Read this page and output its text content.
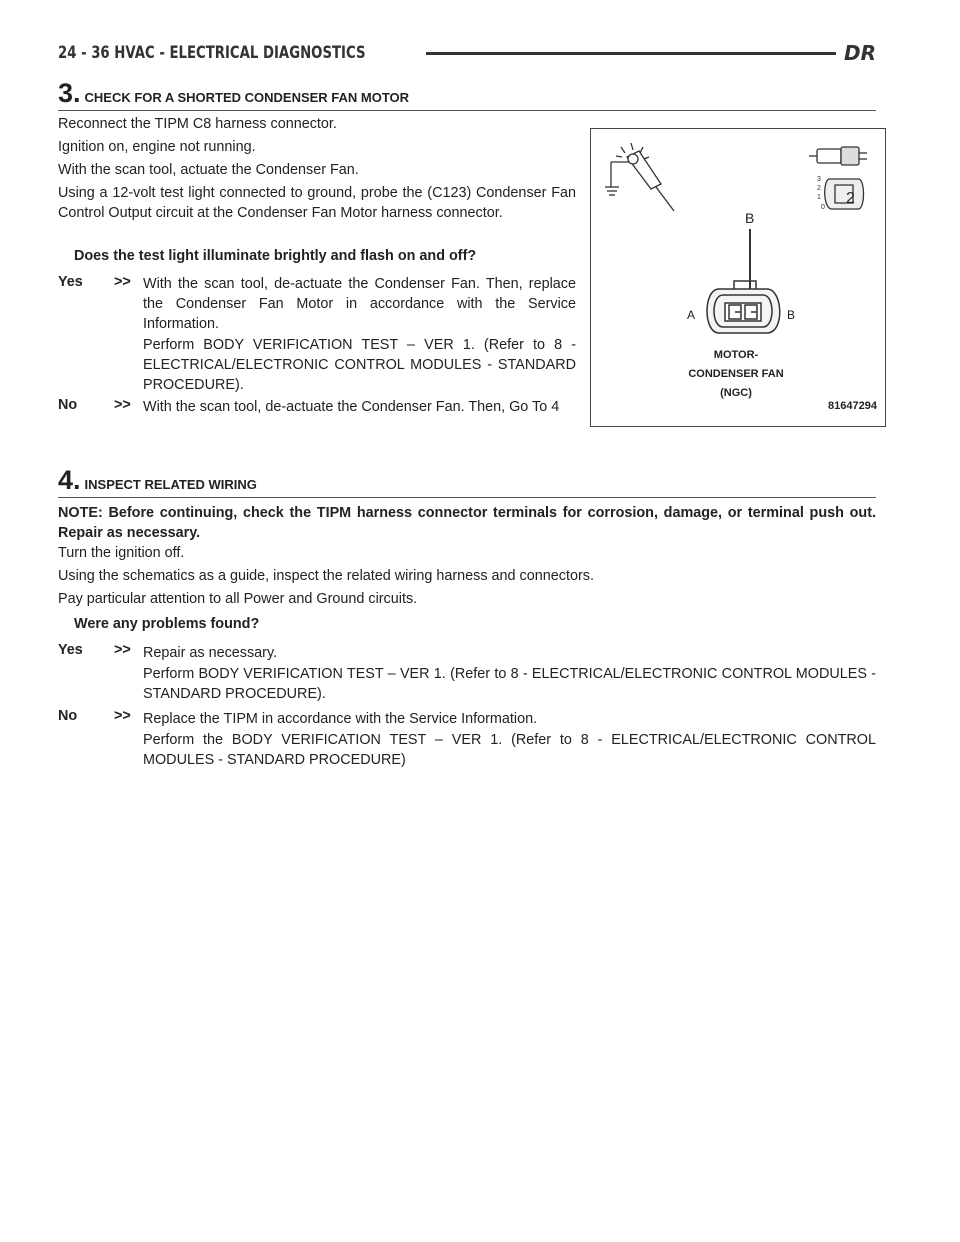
24 - 36 HVAC - ELECTRICAL DIAGNOSTICS	DR
3. CHECK FOR A SHORTED CONDENSER FAN MOTOR

Reconnect the TIPM C8 harness connector.

Ignition on, engine not running.

With the scan tool, actuate the Condenser Fan.

Using a 12-volt test light connected to ground, probe the (C123) Condenser Fan Control Output circuit at the Condenser Fan Motor harness connector.

Does the test light illuminate brightly and flash on and off?

Yes >> With the scan tool, de-actuate the Condenser Fan. Then, replace the Condenser Fan Motor in accordance with the Service Information.

Perform BODY VERIFICATION TEST – VER 1. (Refer to 8 - ELECTRICAL/ELECTRONIC CONTROL MODULES - STANDARD PROCEDURE).

No	>> With the scan tool, de-actuate the Condenser Fan. Then, Go To 4

3
2
1
0
2
B
A	B
MOTOR-
CONDENSER FAN
(NGC)
81647294
4. INSPECT RELATED WIRING

NOTE: Before continuing, check the TIPM harness connector terminals for corrosion, damage, or terminal push out. Repair as necessary.

Turn the ignition off.

Using the schematics as a guide, inspect the related wiring harness and connectors.

Pay particular attention to all Power and Ground circuits.

Were any problems found?

Yes >> Repair as necessary.

Perform BODY VERIFICATION TEST – VER 1. (Refer to 8 - ELECTRICAL/ELECTRONIC CONTROL MODULES - STANDARD PROCEDURE).

No	>> Replace the TIPM in accordance with the Service Information.

Perform the BODY VERIFICATION TEST – VER 1. (Refer to 8 - ELECTRICAL/ELECTRONIC CONTROL MODULES - STANDARD PROCEDURE)
